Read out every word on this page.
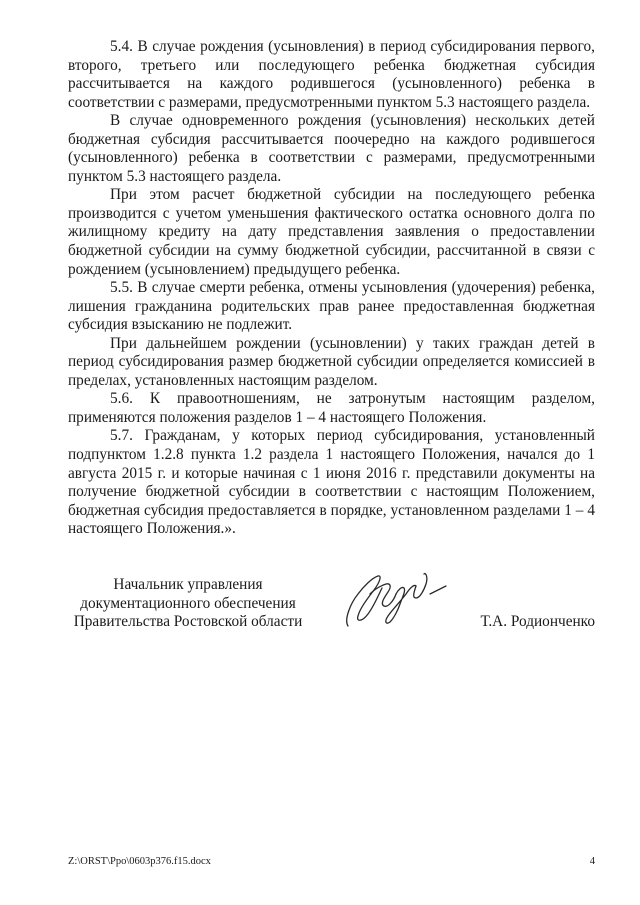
5.4. В случае рождения (усыновления) в период субсидирования первого, второго, третьего или последующего ребенка бюджетная субсидия рассчитывается на каждого родившегося (усыновленного) ребенка в соответствии с размерами, предусмотренными пунктом 5.3 настоящего раздела.

В случае одновременного рождения (усыновления) нескольких детей бюджетная субсидия рассчитывается поочередно на каждого родившегося (усыновленного) ребенка в соответствии с размерами, предусмотренными пунктом 5.3 настоящего раздела.

При этом расчет бюджетной субсидии на последующего ребенка производится с учетом уменьшения фактического остатка основного долга по жилищному кредиту на дату представления заявления о предоставлении бюджетной субсидии на сумму бюджетной субсидии, рассчитанной в связи с рождением (усыновлением) предыдущего ребенка.

5.5. В случае смерти ребенка, отмены усыновления (удочерения) ребенка, лишения гражданина родительских прав ранее предоставленная бюджетная субсидия взысканию не подлежит.

При дальнейшем рождении (усыновлении) у таких граждан детей в период субсидирования размер бюджетной субсидии определяется комиссией в пределах, установленных настоящим разделом.

5.6. К правоотношениям, не затронутым настоящим разделом, применяются положения разделов 1 – 4 настоящего Положения.

5.7. Гражданам, у которых период субсидирования, установленный подпунктом 1.2.8 пункта 1.2 раздела 1 настоящего Положения, начался до 1 августа 2015 г. и которые начиная с 1 июня 2016 г. представили документы на получение бюджетной субсидии в соответствии с настоящим Положением, бюджетная субсидия предоставляется в порядке, установленном разделами 1 – 4 настоящего Положения.».

Начальник управления
документационного обеспечения
Правительства Ростовской области	Т.А. Родионченко
Z:\ORST\Ppo\0603p376.f15.docx	4
